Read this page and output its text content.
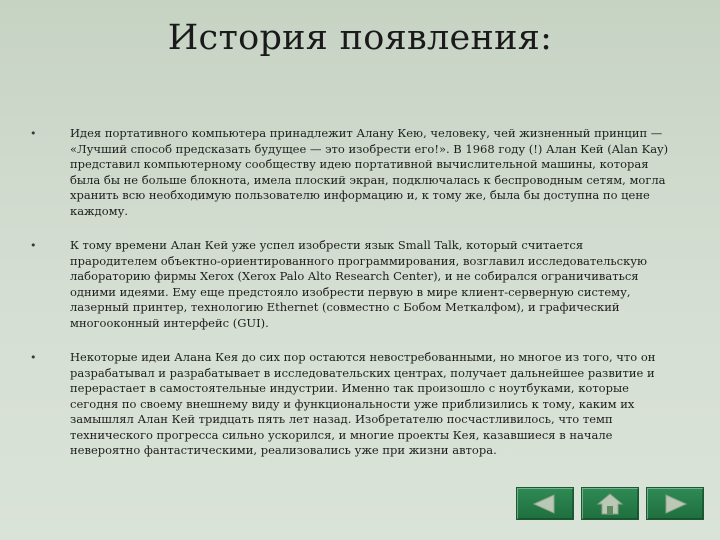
История появления:
•	Идея портативного компьютера принадлежит Алану Кею, человеку, чей жизненный принцип — «Лучший способ предсказать будущее — это изобрести его!». В 1968 году (!) Алан Кей (Alan Kay) представил компьютерному сообществу идею портативной вычислительной машины, которая была бы не больше блокнота, имела плоский экран, подключалась к беспроводным сетям, могла хранить всю необходимую пользователю информацию и, к тому же, была бы доступна по цене каждому.
•	К тому времени Алан Кей уже успел изобрести язык Small Talk, который считается прародителем объектно-ориентированного программирования, возглавил исследовательскую лабораторию фирмы Xerox (Xerox Palo Alto Research Center), и не собирался ограничиваться одними идеями. Ему еще предстояло изобрести первую в мире клиент-серверную систему, лазерный принтер, технологию Ethernet (совместно с Бобом Меткалфом), и графический многооконный интерфейс (GUI).
•	Некоторые идеи Алана Кея до сих пор остаются невостребованными, но многое из того, что он разрабатывал и разрабатывает в исследовательских центрах, получает дальнейшее развитие и перерастает в самостоятельные индустрии. Именно так произошло с ноутбуками, которые сегодня по своему внешнему виду и функциональности уже приблизились к тому, каким их замышлял Алан Кей тридцать пять лет назад. Изобретателю посчастливилось, что темп технического прогресса сильно ускорился, и многие проекты Кея, казавшиеся в начале невероятно фантастическими, реализовались уже при жизни автора.
